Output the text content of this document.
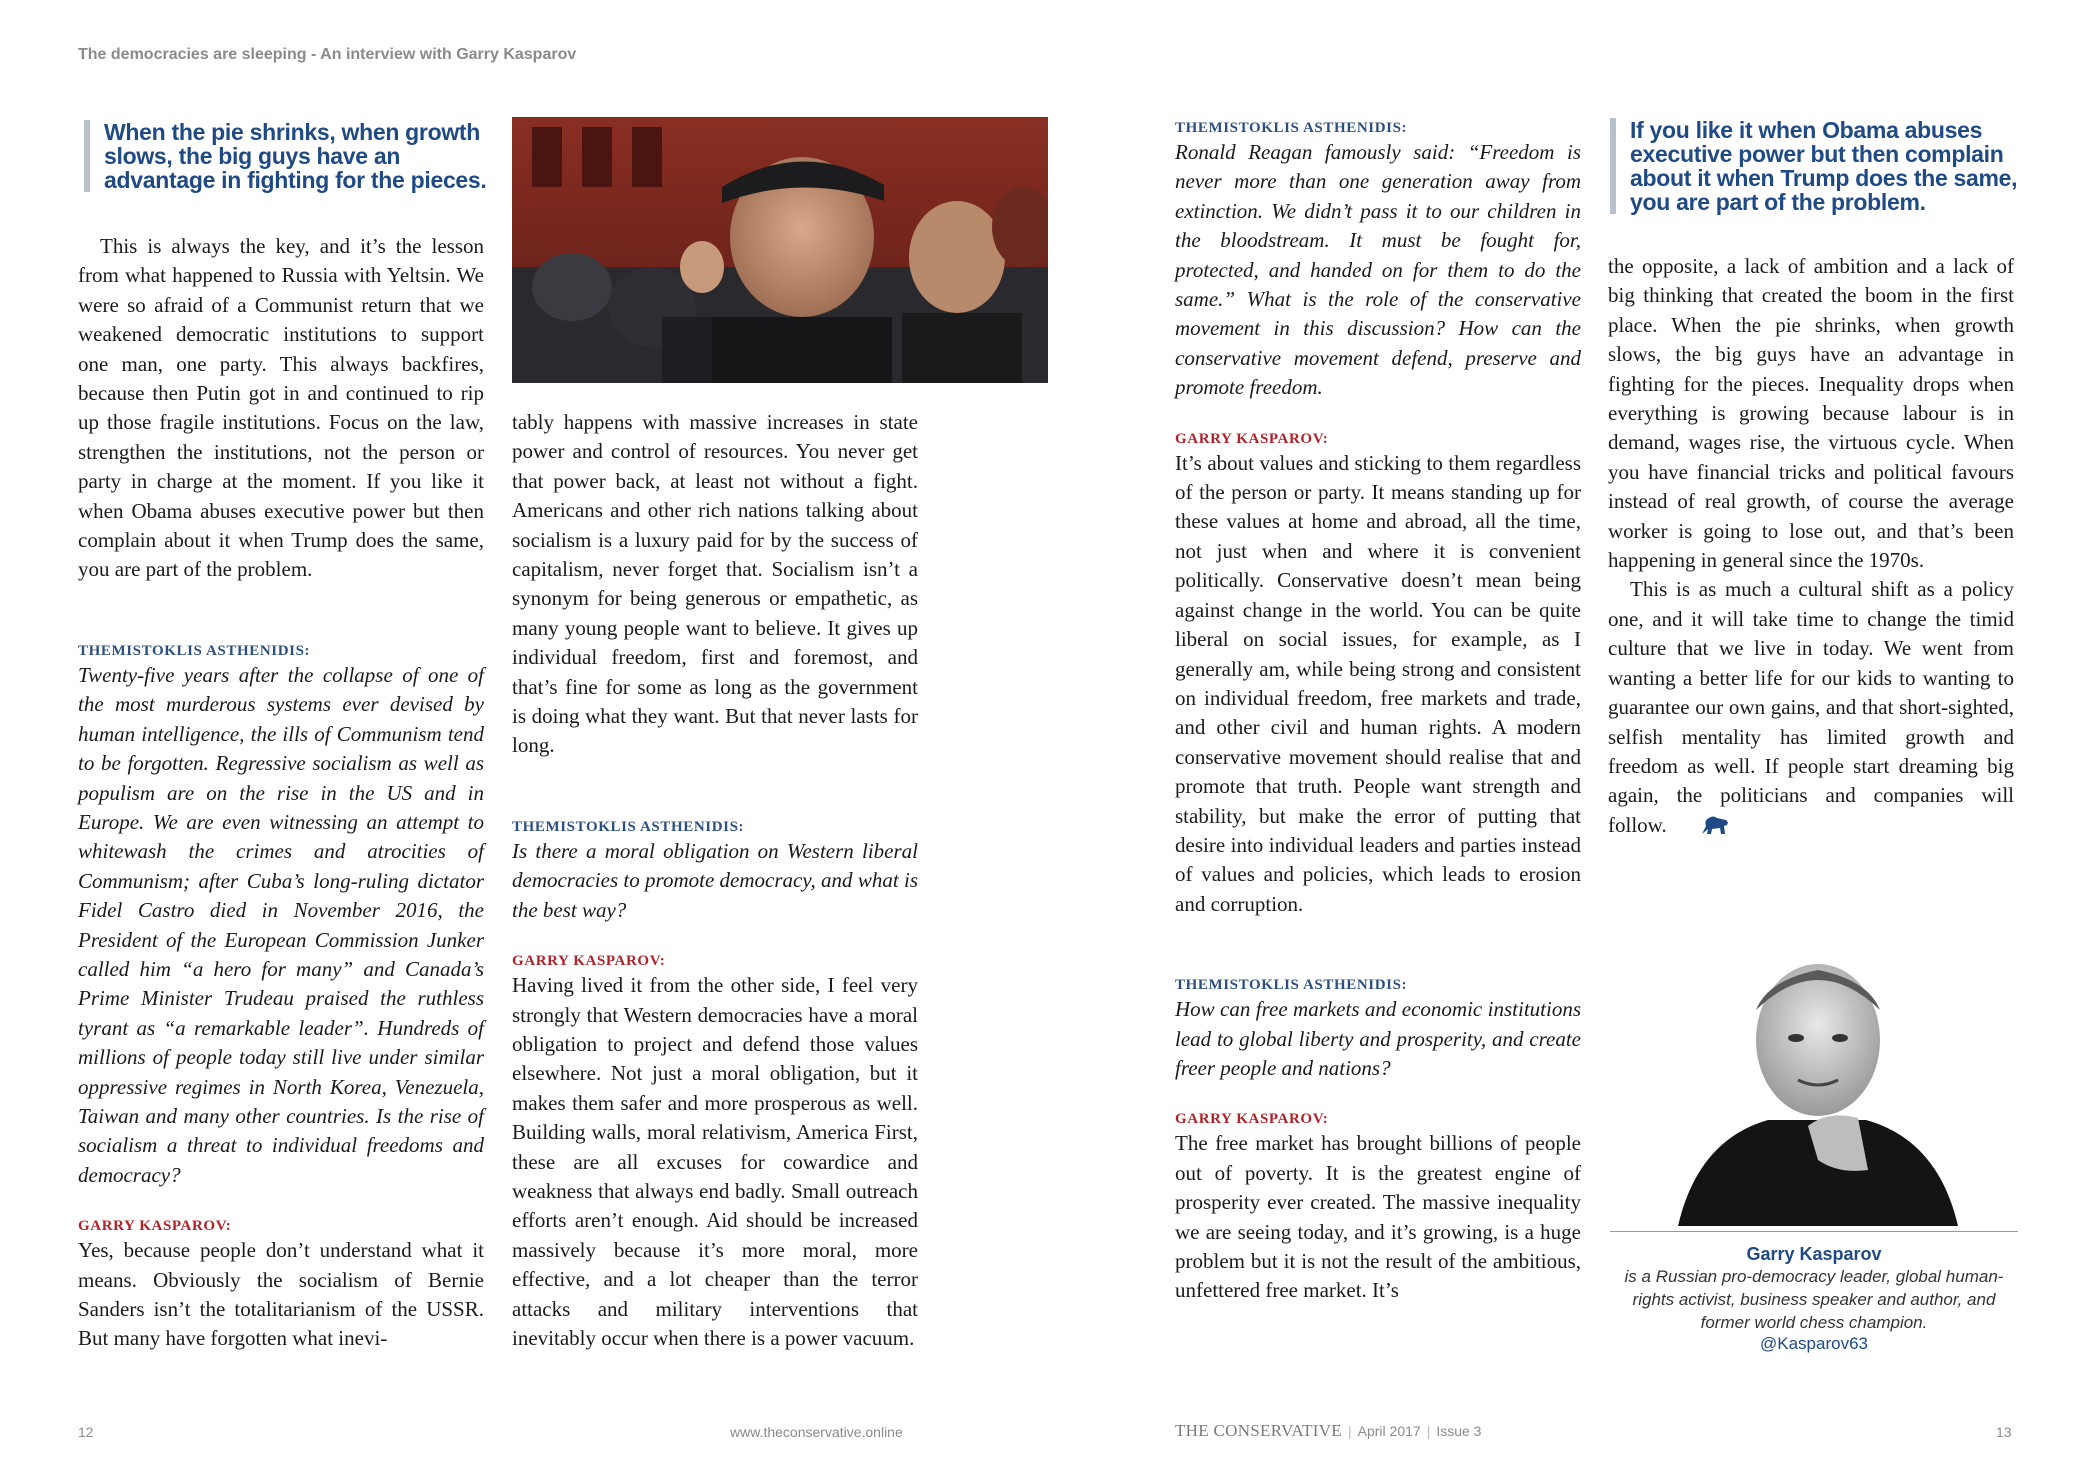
The democracies are sleeping - An interview with Garry Kasparov
When the pie shrinks, when growth slows, the big guys have an advantage in fighting for the pieces.

This is always the key, and it’s the lesson from what happened to Russia with Yeltsin. We were so afraid of a Communist return that we weakened democratic institutions to support one man, one party. This always backfires, because then Putin got in and continued to rip up those fragile institutions. Focus on the law, strengthen the institutions, not the person or party in charge at the moment. If you like it when Obama abuses executive power but then complain about it when Trump does the same, you are part of the problem.

THEMISTOKLIS ASTHENIDIS:

Twenty-five years after the collapse of one of the most murderous systems ever devised by human intelligence, the ills of Communism tend to be forgotten. Regressive socialism as well as populism are on the rise in the US and in Europe. We are even witnessing an attempt to whitewash the crimes and atrocities of Communism; after Cuba’s long-ruling dictator Fidel Castro died in November 2016, the President of the European Commission Junker called him “a hero for many” and Canada’s Prime Minister Trudeau praised the ruthless tyrant as “a remarkable leader”. Hundreds of millions of people today still live under similar oppressive regimes in North Korea, Venezuela, Taiwan and many other countries. Is the rise of socialism a threat to individual freedoms and democracy?

GARRY KASPAROV:

Yes, because people don’t understand what it means. Obviously the socialism of Bernie Sanders isn’t the totalitarianism of the USSR. But many have forgotten what inevi-

tably happens with massive increases in state power and control of resources. You never get that power back, at least not without a fight. Americans and other rich nations talking about socialism is a luxury paid for by the success of capitalism, never forget that. Socialism isn’t a synonym for being generous or empathetic, as many young people want to believe. It gives up individual freedom, first and foremost, and that’s fine for some as long as the government is doing what they want. But that never lasts for long.

THEMISTOKLIS ASTHENIDIS:

Is there a moral obligation on Western liberal democracies to promote democracy, and what is the best way?

GARRY KASPAROV:

Having lived it from the other side, I feel very strongly that Western democracies have a moral obligation to project and defend those values elsewhere. Not just a moral obligation, but it makes them safer and more prosperous as well. Building walls, moral relativism, America First, these are all excuses for cowardice and weakness that always end badly. Small outreach efforts aren’t enough. Aid should be increased massively because it’s more moral, more effective, and a lot cheaper than the terror attacks and military interventions that inevitably occur when there is a power vacuum.

12	www.theconservative.online
THEMISTOKLIS ASTHENIDIS:

Ronald Reagan famously said: “Freedom is never more than one generation away from extinction. We didn’t pass it to our children in the bloodstream. It must be fought for, protected, and handed on for them to do the same.” What is the role of the conservative movement in this discussion? How can the conservative movement defend, preserve and promote freedom.

GARRY KASPAROV:

It’s about values and sticking to them regardless of the person or party. It means standing up for these values at home and abroad, all the time, not just when and where it is convenient politically. Conservative doesn’t mean being against change in the world. You can be quite liberal on social issues, for example, as I generally am, while being strong and consistent on individual freedom, free markets and trade, and other civil and human rights. A modern conservative movement should realise that and promote that truth. People want strength and stability, but make the error of putting that desire into individual leaders and parties instead of values and policies, which leads to erosion and corruption.

THEMISTOKLIS ASTHENIDIS:

How can free markets and economic institutions lead to global liberty and prosperity, and create freer people and nations?

GARRY KASPAROV:

The free market has brought billions of people out of poverty. It is the greatest engine of prosperity ever created. The massive inequality we are seeing today, and it’s growing, is a huge problem but it is not the result of the ambitious, unfettered free market. It’s

If you like it when Obama abuses executive power but then complain about it when Trump does the same, you are part of the problem.

the opposite, a lack of ambition and a lack of big thinking that created the boom in the first place. When the pie shrinks, when growth slows, the big guys have an advantage in fighting for the pieces. Inequality drops when everything is growing because labour is in demand, wages rise, the virtuous cycle. When you have financial tricks and political favours instead of real growth, of course the average worker is going to lose out, and that’s been happening in general since the 1970s.

This is as much a cultural shift as a policy one, and it will take time to change the timid culture that we live in today. We went from wanting a better life for our kids to wanting to guarantee our own gains, and that short-sighted, selfish mentality has limited growth and freedom as well. If people start dreaming big again, the politicians and companies will follow.

Garry Kasparov
is a Russian pro-democracy leader, global human-rights activist, business speaker and author, and former world chess champion.
@Kasparov63
THE CONSERVATIVE | April 2017 | Issue 3	13
